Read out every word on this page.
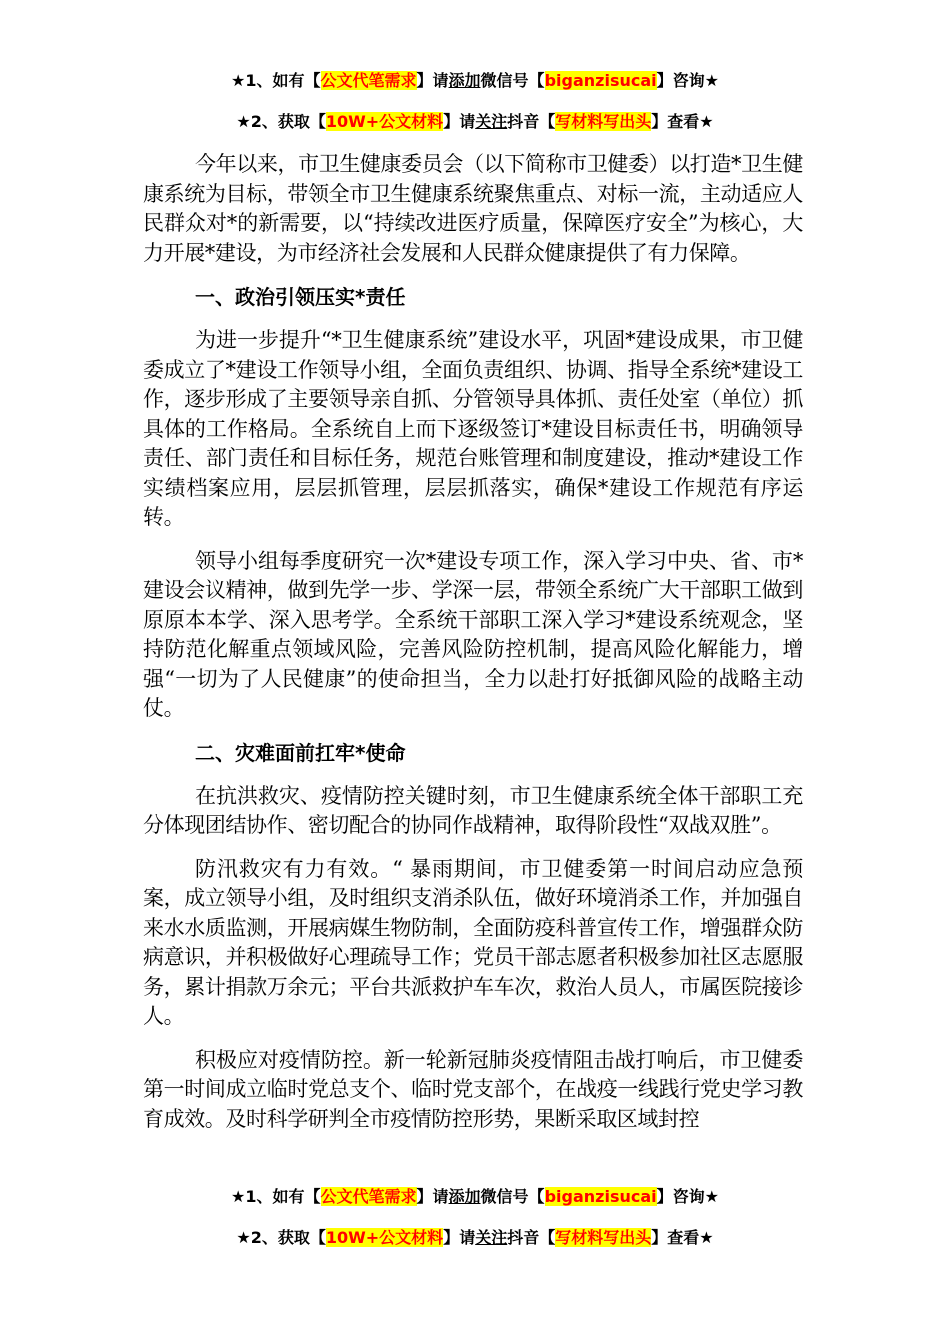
★1、如有【公文代笔需求】请添加微信号【biganzisucai】咨询★
★2、获取【10W+公文材料】请关注抖音【写材料写出头】查看★

今年以来，市卫生健康委员会（以下简称市卫健委）以打造*卫生健康系统为目标，带领全市卫生健康系统聚焦重点、对标一流，主动适应人民群众对*的新需要，以“持续改进医疗质量，保障医疗安全”为核心，大力开展*建设，为市经济社会发展和人民群众健康提供了有力保障。

一、政治引领压实*责任

为进一步提升“*卫生健康系统”建设水平，巩固*建设成果，市卫健委成立了*建设工作领导小组，全面负责组织、协调、指导全系统*建设工作，逐步形成了主要领导亲自抓、分管领导具体抓、责任处室（单位）抓具体的工作格局。全系统自上而下逐级签订*建设目标责任书，明确领导责任、部门责任和目标任务，规范台账管理和制度建设，推动*建设工作实绩档案应用，层层抓管理，层层抓落实，确保*建设工作规范有序运转。

领导小组每季度研究一次*建设专项工作，深入学习中央、省、市*建设会议精神，做到先学一步、学深一层，带领全系统广大干部职工做到原原本本学、深入思考学。全系统干部职工深入学习*建设系统观念，坚持防范化解重点领域风险，完善风险防控机制，提高风险化解能力，增强“一切为了人民健康”的使命担当，全力以赴打好抵御风险的战略主动仗。

二、灾难面前扛牢*使命

在抗洪救灾、疫情防控关键时刻，市卫生健康系统全体干部职工充分体现团结协作、密切配合的协同作战精神，取得阶段性“双战双胜”。

防汛救灾有力有效。“ 暴雨期间，市卫健委第一时间启动应急预案，成立领导小组，及时组织支消杀队伍，做好环境消杀工作，并加强自来水水质监测，开展病媒生物防制，全面防疫科普宣传工作，增强群众防病意识，并积极做好心理疏导工作；党员干部志愿者积极参加社区志愿服务，累计捐款万余元；平台共派救护车车次，救治人员人，市属医院接诊人。

积极应对疫情防控。新一轮新冠肺炎疫情阻击战打响后，市卫健委第一时间成立临时党总支个、临时党支部个，在战疫一线践行党史学习教育成效。及时科学研判全市疫情防控形势，果断采取区域封控

★1、如有【公文代笔需求】请添加微信号【biganzisucai】咨询★
★2、获取【10W+公文材料】请关注抖音【写材料写出头】查看★
